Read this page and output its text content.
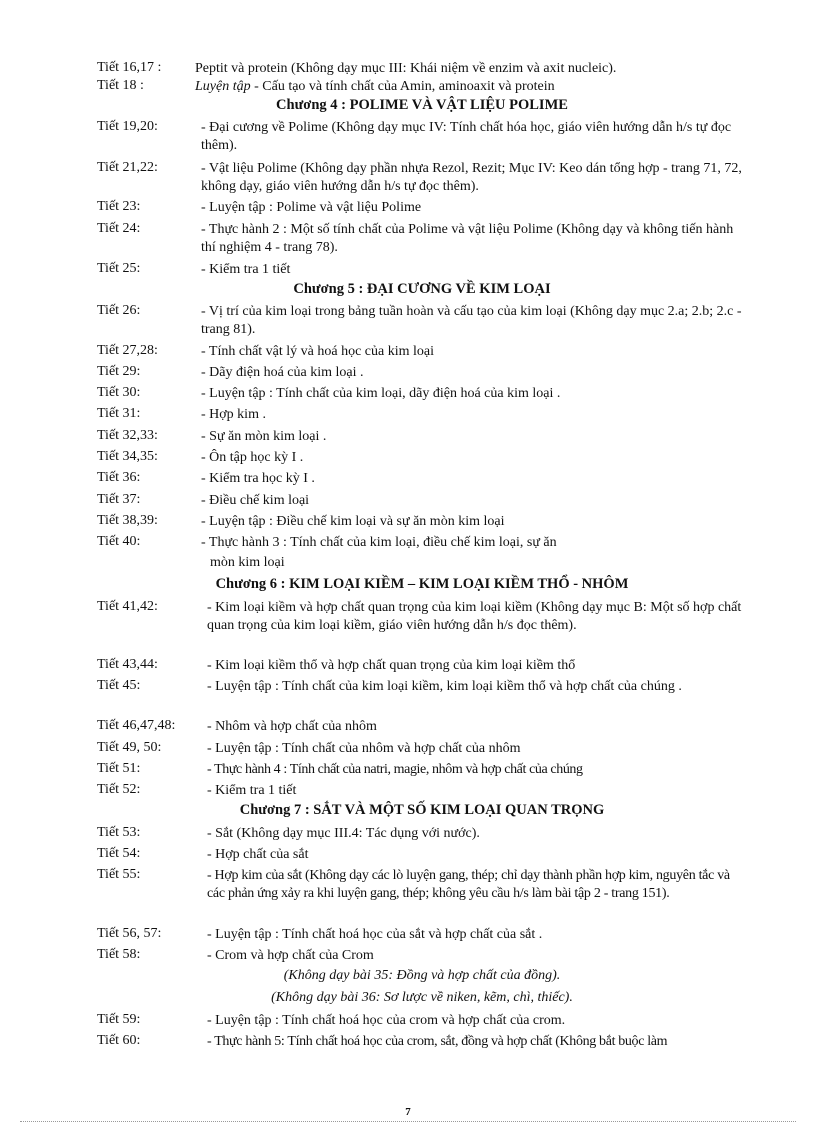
Tiết 16,17 : Peptit và protein (Không dạy mục III: Khái niệm về enzim và axit nucleic).
Tiết 18 :	Luyện tập - Cấu tạo và tính chất của Amin, aminoaxit và protein
Chương 4 : POLIME VÀ VẬT LIỆU POLIME
Tiết 19,20:	- Đại cương về Polime (Không dạy mục IV: Tính chất hóa học, giáo viên hướng dẫn h/s tự đọc thêm).
Tiết 21,22:	- Vật liệu Polime (Không dạy phần nhựa Rezol, Rezit; Mục IV: Keo dán tổng hợp - trang 71, 72, không dạy, giáo viên hướng dẫn h/s tự đọc thêm).
Tiết 23:	- Luyện tập : Polime và vật liệu Polime
Tiết 24:	- Thực hành 2 : Một số tính chất của Polime và vật liệu Polime (Không dạy và không tiến hành thí nghiệm 4 - trang 78).
Tiết 25:	- Kiểm tra 1 tiết
Chương 5 : ĐẠI CƯƠNG VỀ KIM LOẠI
Tiết 26:	- Vị trí của kim loại trong bảng tuần hoàn và cấu tạo của kim loại (Không dạy mục 2.a; 2.b; 2.c - trang 81).
Tiết 27,28:	- Tính chất vật lý và hoá học của kim loại
Tiết 29:	- Dãy điện hoá của kim loại .
Tiết 30:	- Luyện tập : Tính chất của kim loại, dãy điện hoá của kim loại .
Tiết 31:	- Hợp kim .
Tiết 32,33:	- Sự ăn mòn kim loại .
Tiết 34,35:	- Ôn tập học kỳ I .
Tiết 36:	- Kiểm tra học kỳ I .
Tiết 37:	- Điều chế kim loại
Tiết 38,39:	- Luyện tập : Điều chế kim loại và sự ăn mòn kim loại
Tiết 40:	- Thực hành 3 : Tính chất của kim loại, điều chế kim loại, sự ăn
mòn kim loại
Chương 6 : KIM LOẠI KIỀM – KIM LOẠI KIỀM THỔ - NHÔM
Tiết 41,42:	- Kim loại kiềm và hợp chất quan trọng của kim loại kiềm (Không dạy mục B: Một số hợp chất quan trọng của kim loại kiềm, giáo viên hướng dẫn h/s đọc thêm).
Tiết 43,44:	- Kim loại kiềm thổ và hợp chất quan trọng của kim loại kiềm thổ
Tiết 45:	- Luyện tập : Tính chất của kim loại kiềm, kim loại kiềm thổ và hợp chất của chúng .
Tiết 46,47,48: - Nhôm và hợp chất của nhôm
Tiết 49, 50:	- Luyện tập : Tính chất của nhôm và hợp chất của nhôm
Tiết 51:	- Thực hành 4 : Tính chất của natri, magie, nhôm và hợp chất của chúng
Tiết 52:	- Kiểm tra 1 tiết
Chương 7 : SẮT VÀ MỘT SỐ KIM LOẠI QUAN TRỌNG
Tiết 53:	- Sắt (Không dạy mục III.4: Tác dụng với nước).
Tiết 54:	- Hợp chất của sắt
Tiết 55:	- Hợp kim của sắt (Không dạy các lò luyện gang, thép; chỉ dạy thành phần hợp kim, nguyên tắc và các phản ứng xảy ra khi luyện gang, thép; không yêu cầu h/s làm bài tập 2 - trang 151).
Tiết 56, 57:	- Luyện tập : Tính chất hoá học của sắt và hợp chất của sắt .
Tiết 58:	- Crom và hợp chất của Crom
(Không dạy bài 35: Đồng và hợp chất của đồng).
(Không dạy bài 36: Sơ lược về niken, kẽm, chì, thiếc).
Tiết 59:	- Luyện tập : Tính chất hoá học của crom và hợp chất của crom.
Tiết 60:	- Thực hành 5: Tính chất hoá học của crom, sắt, đồng và hợp chất (Không bắt buộc làm
7
